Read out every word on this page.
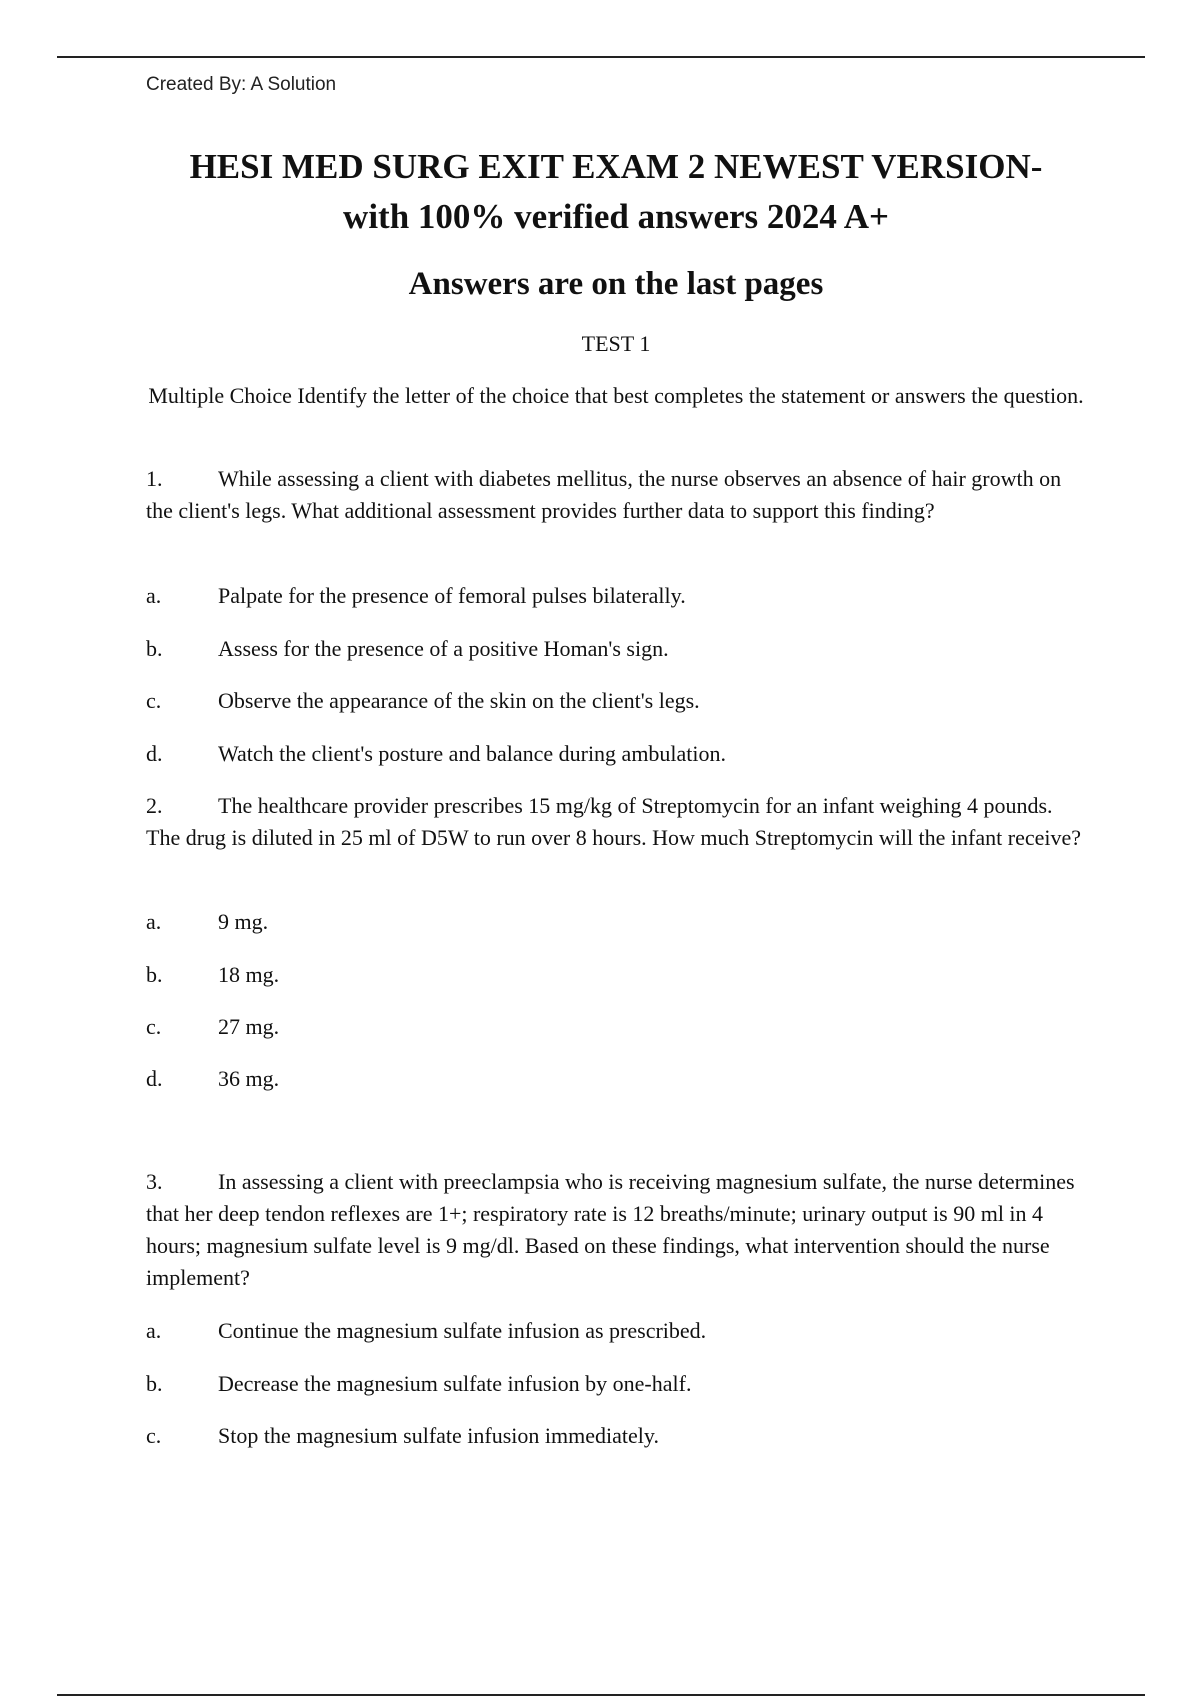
Created By: A Solution
HESI MED SURG EXIT EXAM 2 NEWEST VERSION-
with 100% verified answers 2024 A+
Answers are on the last pages
TEST 1
Multiple Choice Identify the letter of the choice that best completes the statement or answers the question.
1.	While assessing a client with diabetes mellitus, the nurse observes an absence of hair growth on the client's legs. What additional assessment provides further data to support this finding?
a.	Palpate for the presence of femoral pulses bilaterally.
b.	Assess for the presence of a positive Homan's sign.
c.	Observe the appearance of the skin on the client's legs.
d.	Watch the client's posture and balance during ambulation.
2.	The healthcare provider prescribes 15 mg/kg of Streptomycin for an infant weighing 4 pounds. The drug is diluted in 25 ml of D5W to run over 8 hours. How much Streptomycin will the infant receive?
a.	9 mg.
b.	18 mg.
c.	27 mg.
d.	36 mg.
3.	In assessing a client with preeclampsia who is receiving magnesium sulfate, the nurse determines that her deep tendon reflexes are 1+; respiratory rate is 12 breaths/minute; urinary output is 90 ml in 4 hours; magnesium sulfate level is 9 mg/dl. Based on these findings, what intervention should the nurse implement?
a.	Continue the magnesium sulfate infusion as prescribed.
b.	Decrease the magnesium sulfate infusion by one-half.
c.	Stop the magnesium sulfate infusion immediately.
